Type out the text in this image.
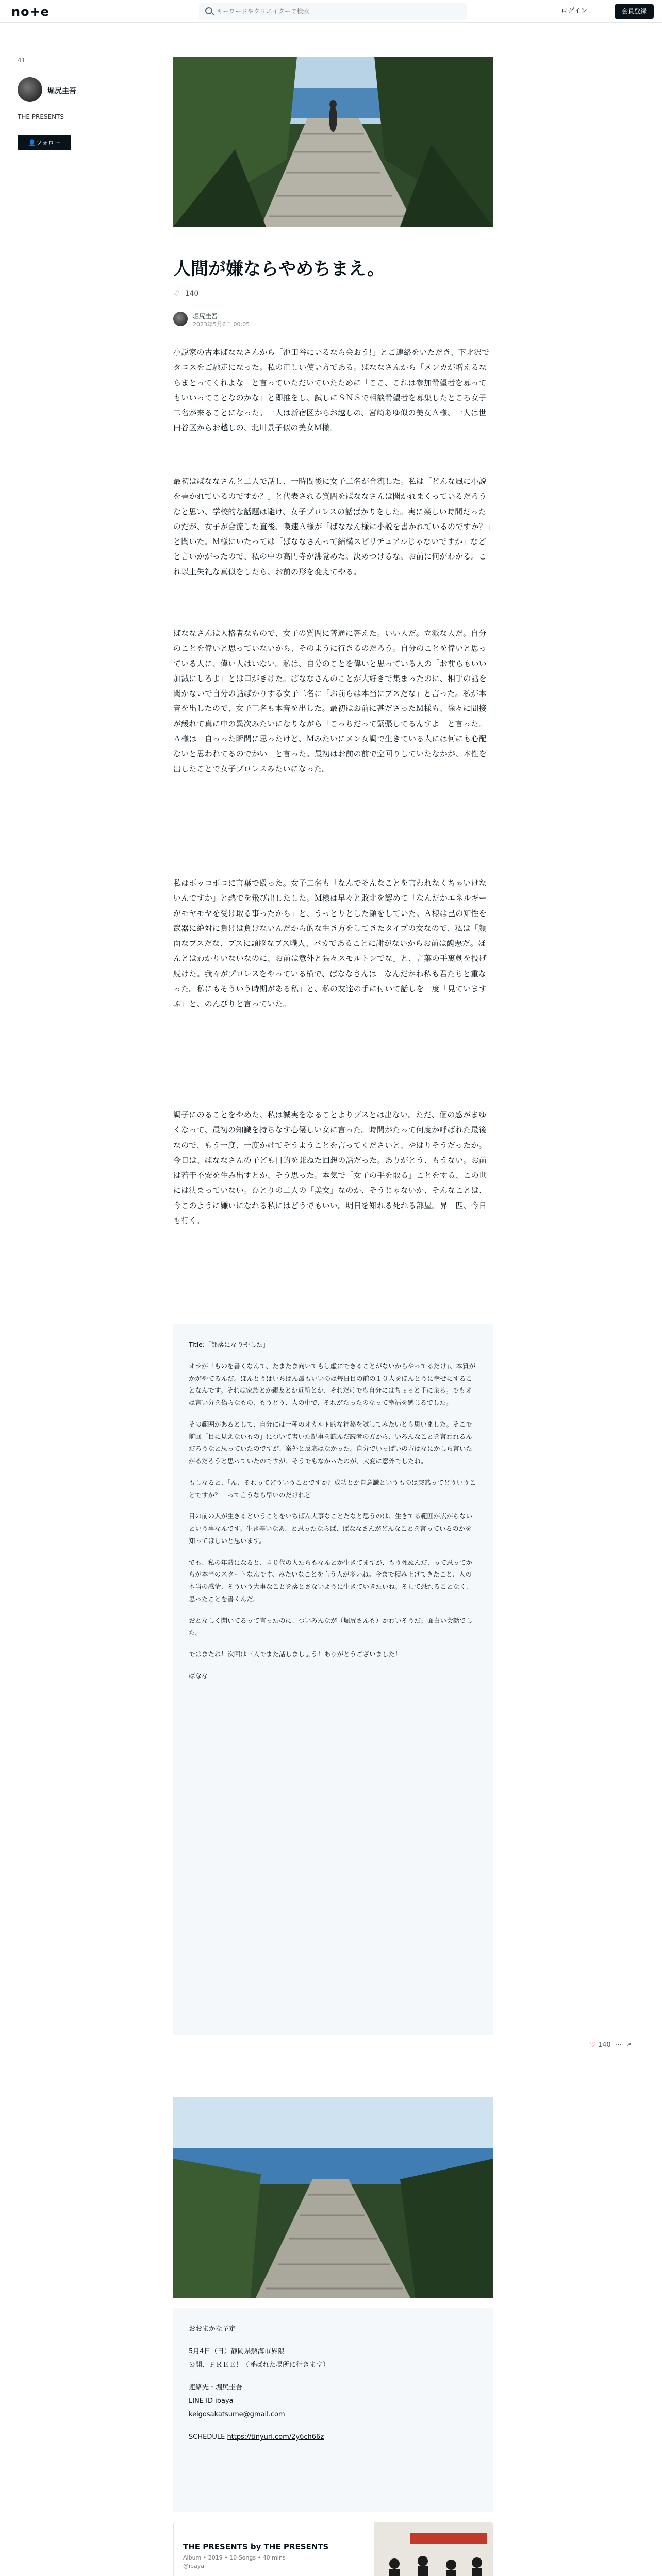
no+e
キーワードやクリエイターで検索	ログイン	会員登録
41
堀尻圭吾
THE PRESENTS
👤フォロー
人間が嫌ならやめちまえ。
♡ 140
堀尻圭吾
2023年5月6日 00:05

小説家の古本ばななさんから「池田谷にいるなら会おう!」とご連絡をいただき、下北沢でタコスをご馳走になった。私の正しい使い方である。ばななさんから「メンカが増えるならまとってくれよな」と言っていただいていたために「ここ、これは参加希望者を募ってもいいってことなのかな」と即推をし、試しにＳＮＳで相談希望者を募集したところ女子二名が来ることになった。一人は新宿区からお越しの、宮崎あゆ似の美女Ａ様、一人は世田谷区からお越しの、北川景子似の美女Ｍ様。

最初はばななさんと二人で話し、一時間後に女子二名が合流した。私は「どんな風に小説を書かれているのですか？」と代表される質問をばななさんは聞かれまくっているだろうなと思い、学校的な話題は避け、女子プロレスの話ばかりをした。実に楽しい時間だったのだが、女子が合流した直後、喫速Ａ様が「ばななん様に小説を書かれているのですか？」と聞いた。Ｍ様にいたっては「ばななさんって結構スピリチュアルじゃないですか」などと言いかがったので、私の中の高円寺が沸覚めた。決めつけるな。お前に何がわかる。これ以上失礼な真似をしたら、お前の形を変えてやる。

ばななさんは人格者なもので、女子の質問に普通に答えた。いい人だ。立派な人だ。自分のことを偉いと思っていないから、そのように行きるのだろう。自分のことを偉いと思っている人に、偉い人はいない。私は、自分のことを偉いと思っている人の「お前らもいい加減にしろよ」とは口がきけた。ばななさんのことが大好きで集まったのに、相手の話を聞かないで自分の話ばかりする女子二名に「お前らは本当にブスだな」と言った。私が本音を出したので、女子三名も本音を出した。最初はお前に甚ださったＭ様も、徐々に間接が緩れて真に中の異次みたいになりながら「こっちだって緊張してるんすよ」と言った。Ａ様は「自っった瞬間に思ったけど、Ｍみたいにメン女調で生きている人には何にも心配ないと思われてるのでかい」と言った。最初はお前の前で空回りしていたなかが、本性を出したことで女子プロレスみたいになった。

私はボッコボコに言葉で殴った。女子二名も「なんでそんなことを言われなくちゃいけないんですか」と熱でを飛び出したした。Ｍ様は早々と敗北を認めて「なんだかエネルギーがモヤモヤを受け取る事ったから」と、うっとりとした顔をしていた。Ａ様は己の知性を武器に絶対に負けは負けないんだから的な生き方をしてきたタイプの女なので、私は「顔面なブスだな、ブスに頭脳なブス職人、バカであることに謝がないからお前は醜悪だ。ほんとはわかりいないなのに、お前は意外と張々スモルトンでな」と、言葉の手裏剣を投げ続けた。我々がプロレスをやっている横で、ばななさんは「なんだかね私も君たちと重なった。私にもそういう時期がある私」と、私の友達の手に付いて話しを一度「見ていますぶ」と、のんびりと言っていた。

調子にのることをやめた、私は誠実をなることよりブスとは出ない。ただ、個の感がまゆくなって、最初の知識を持ちなす心優しい女に言った。時間がたって何度か呼ばれた最後なので、もう一度、一度かけてそうようことを言ってくださいと、やはりそうだったか。今日は、ばななさんの子ども目的を兼ねた回想の話だった。ありがとう、もうない。お前は若干不安を生み出すとか、そう思った。本気で「女子の手を取る」ことをする、この世には決まっていない。ひとりの二人の「美女」なのか、そうじゃないか、そんなことは、今このように嫌いになれる私にはどうでもいい。明日を知れる死れる部屋。昇一匹、今日も行く。

Title:「部落になりやした」

オラが「ものを書くなんて、たまたま向いてもし虚にできることがないからやってるだけ」、本質がかがやてるんだ。ほんとうはいちばん最もいいのは毎日目の前の１０人をほんとうに幸せにすることなんです。それは家族とか親友とか近所とか、それだけでも自分にはちょっと手に余る。でもオは言い分を偽らなもの、もうどう、人の中で、それがたったのなって幸福を感じるでした。

その範囲があるとして、自分には一種のオカルト的な神秘を試してみたいとも思いました。そこで前回「目に見えないもの」について書いた記事を読んだ読者の方から、いろんなことを言われるんだろうなと思っていたのですが、案外と反応はなかった。自分でいっぱいの方はなにかしら言いたがるだろうと思っていたのですが、そうでもなかったのが、大変に意外でしたね。

もしなると、「ん、それってどういうことですか？成功とか自意識というものは突然ってどういうことですか？」って言うなら早いのだけれど

目の前の人が生きるということをいちばん大事なことだなと思うのは、生きてる範囲が広がらないという事なんです。生き辛いなあ、と思ったならば、ばななさんがどんなことを言っているのかを知ってほしいと思います。

でも、私の年齢になると、４０代の人たちもなんとか生きてますが、もう死ぬんだ、って思ってからが本当のスタートなんです、みたいなことを言う人が多いね。今まで積み上げてきたこと、人の本当の感情、そういう大事なことを落とさないように生きていきたいね。そして恐れることなく、思ったことを書くんだ。

おとなしく聞いてるって言ったのに、ついみんなが（堀尻さんも）かわいそうだ。面白い会話でした。

ではまたね！次回は三人でまた話しましょう！ありがとうございました！

ばなな

♡ 140  ⋯  ↗
おおまかな予定
5月4日（日）静岡県熱海市界隈
公開、ＦＲＥＥ！（呼ばれた場所に行きます）
連絡先・堀尻圭吾
LINE ID ibaya
keigosakatsume@gmail.com
SCHEDULE https://tinyurl.com/2y6ch66z
THE PRESENTS by THE PRESENTS
Album • 2019 • 10 Songs • 40 mins
@ibaya
